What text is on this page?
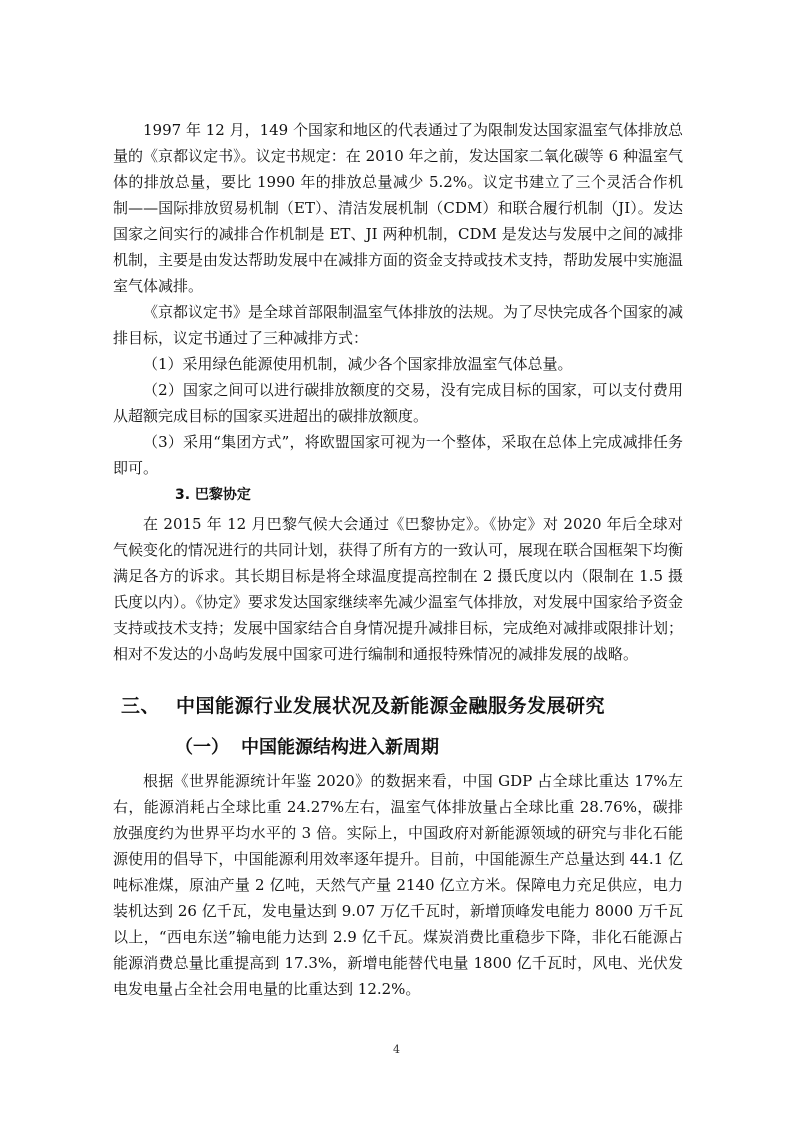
1997 年 12 月，149 个国家和地区的代表通过了为限制发达国家温室气体排放总量的《京都议定书》。议定书规定：在 2010 年之前，发达国家二氧化碳等 6 种温室气体的排放总量，要比 1990 年的排放总量减少 5.2%。议定书建立了三个灵活合作机制——国际排放贸易机制（ET）、清洁发展机制（CDM）和联合履行机制（JI）。发达国家之间实行的减排合作机制是 ET、JI 两种机制，CDM 是发达与发展中之间的减排机制，主要是由发达帮助发展中在减排方面的资金支持或技术支持，帮助发展中实施温室气体减排。

《京都议定书》是全球首部限制温室气体排放的法规。为了尽快完成各个国家的减排目标，议定书通过了三种减排方式：

（1）采用绿色能源使用机制，减少各个国家排放温室气体总量。

（2）国家之间可以进行碳排放额度的交易，没有完成目标的国家，可以支付费用从超额完成目标的国家买进超出的碳排放额度。

（3）采用“集团方式”，将欧盟国家可视为一个整体，采取在总体上完成减排任务即可。

3. 巴黎协定

在 2015 年 12 月巴黎气候大会通过《巴黎协定》。《协定》对 2020 年后全球对气候变化的情况进行的共同计划，获得了所有方的一致认可，展现在联合国框架下均衡满足各方的诉求。其长期目标是将全球温度提高控制在 2 摄氏度以内（限制在 1.5 摄氏度以内）。《协定》要求发达国家继续率先减少温室气体排放，对发展中国家给予资金支持或技术支持；发展中国家结合自身情况提升减排目标，完成绝对减排或限排计划；相对不发达的小岛屿发展中国家可进行编制和通报特殊情况的减排发展的战略。

三、 中国能源行业发展状况及新能源金融服务发展研究
（一） 中国能源结构进入新周期

根据《世界能源统计年鉴 2020》的数据来看，中国 GDP 占全球比重达 17%左右，能源消耗占全球比重 24.27%左右，温室气体排放量占全球比重 28.76%，碳排放强度约为世界平均水平的 3 倍。实际上，中国政府对新能源领域的研究与非化石能源使用的倡导下，中国能源利用效率逐年提升。目前，中国能源生产总量达到 44.1 亿吨标准煤，原油产量 2 亿吨，天然气产量 2140 亿立方米。保障电力充足供应，电力装机达到 26 亿千瓦，发电量达到 9.07 万亿千瓦时，新增顶峰发电能力 8000 万千瓦以上，“西电东送”输电能力达到 2.9 亿千瓦。煤炭消费比重稳步下降，非化石能源占能源消费总量比重提高到 17.3%，新增电能替代电量 1800 亿千瓦时，风电、光伏发电发电量占全社会用电量的比重达到 12.2%。

4
